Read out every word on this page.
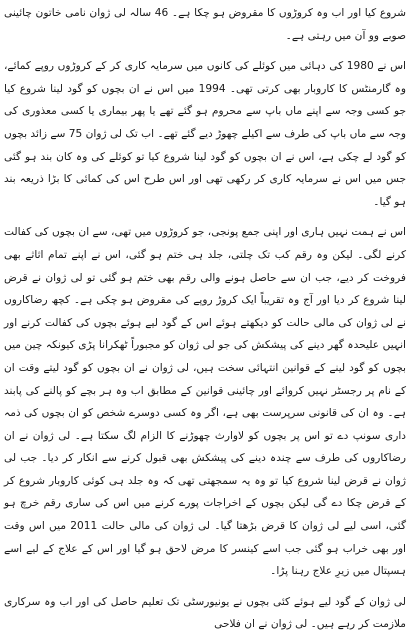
شروع کیا اور اب وہ کروڑوں کا مقروض ہو چکا ہے۔ 46 سالہ لی ژوان نامی خاتون چائینی صوبے وو آن میں رہتی ہے۔

اس نے 1980 کی دہائی میں کوئلے کی کانوں میں سرمایہ کاری کر کے کروڑوں روپے کمائے، وہ گارمنٹس کا کاروبار بھی کرتی تھی۔ 1994 میں اس نے ان بچوں کو گود لینا شروع کیا جو کسی وجہ سے اپنے ماں باپ سے محروم ہو گئے تھے یا پھر بیماری یا کسی معذوری کی وجہ سے ماں باپ کی طرف سے اکیلے چھوڑ دیے گئے تھے۔ اب تک لی ژوان 75 سے زائد بچوں کو گود لے چکی ہے، اس نے ان بچوں کو گود لینا شروع کیا تو کوئلے کی وہ کان بند ہو گئی جس میں اس نے سرمایہ کاری کر رکھی تھی اور اس طرح اس کی کمائی کا بڑا ذریعہ بند ہو گیا۔

اس نے ہمت نہیں ہاری اور اپنی جمع پونجی، جو کروڑوں میں تھی، سے ان بچوں کی کفالت کرنے لگی۔ لیکن وہ رقم کب تک چلتی، جلد ہی ختم ہو گئی، اس نے اپنے تمام اثاثے بھی فروخت کر دیے، جب ان سے حاصل ہونے والی رقم بھی ختم ہو گئی تو لی ژوان نے قرض لینا شروع کر دیا اور آج وہ تقریباً ایک کروڑ روپے کی مقروض ہو چکی ہے۔ کچھ رضاکاروں نے لی ژوان کی مالی حالت کو دیکھتے ہوئے اس کے گود لیے ہوئے بچوں کی کفالت کرنے اور انہیں علیحدہ گھر دینے کی پیشکش کی جو لی ژوان کو مجبوراً ٹھکرانا پڑی کیونکہ چین میں بچوں کو گود لینے کے قوانین انتہائی سخت ہیں، لی ژوان نے ان بچوں کو گود لیتے وقت ان کے نام پر رجسٹر نہیں کروائے اور چائینی قوانین کے مطابق اب وہ ہر بچے کو پالنے کی پابند ہے۔ وہ ان کی قانونی سرپرست بھی ہے، اگر وہ کسی دوسرے شخص کو ان بچوں کی ذمہ داری سونپ دے تو اس پر بچوں کو لاوارث چھوڑنے کا الزام لگ سکتا ہے۔ لی ژوان نے ان رضاکاروں کی طرف سے چندہ دینے کی پیشکش بھی قبول کرنے سے انکار کر دیا۔ جب لی ژوان نے قرض لینا شروع کیا تو وہ یہ سمجھتی تھی کہ وہ جلد ہی کوئی کاروبار شروع کر کے قرض چکا دے گی لیکن بچوں کے اخراجات پورے کرنے میں اس کی ساری رقم خرچ ہو گئی، اسی لیے لی ژوان کا قرض بڑھتا گیا۔ لی ژوان کی مالی حالت 2011 میں اس وقت اور بھی خراب ہو گئی جب اسے کینسر کا مرض لاحق ہو گیا اور اس کے علاج کے لیے اسے ہسپتال میں زیرِ علاج رہنا پڑا۔

لی ژوان کے گود لیے ہوئے کئی بچوں نے یونیورسٹی تک تعلیم حاصل کی اور اب وہ سرکاری ملازمت کر رہے ہیں۔ لی ژوان نے ان فلاحی
